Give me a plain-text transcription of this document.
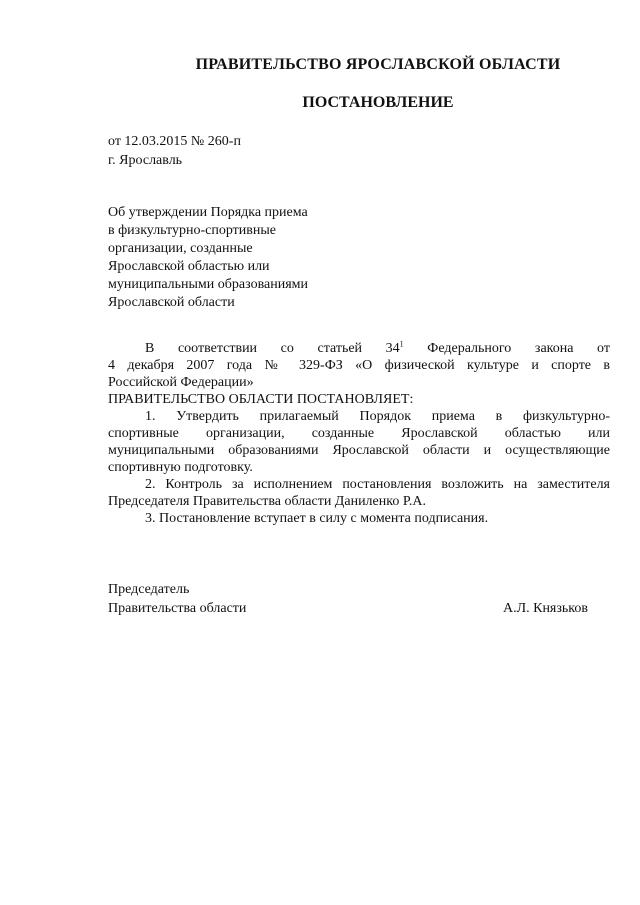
ПРАВИТЕЛЬСТВО ЯРОСЛАВСКОЙ ОБЛАСТИ
ПОСТАНОВЛЕНИЕ
от 12.03.2015 № 260-п
г. Ярославль
Об утверждении Порядка приема
в физкультурно-спортивные
организации, созданные
Ярославской областью или
муниципальными образованиями
Ярославской области
В соответствии со статьей $34^1$ Федерального закона от
4 декабря 2007 года № 329-ФЗ «О физической культуре и спорте в
Российской Федерации»
ПРАВИТЕЛЬСТВО ОБЛАСТИ ПОСТАНОВЛЯЕТ:
1. Утвердить прилагаемый Порядок приема в физкультурно-
спортивные организации, созданные Ярославской областью или
муниципальными образованиями Ярославской области и осуществляющие
спортивную подготовку.
2. Контроль за исполнением постановления возложить на заместителя
Председателя Правительства области Даниленко Р.А.
3. Постановление вступает в силу с момента подписания.
Председатель
Правительства области	А.Л. Князьков
